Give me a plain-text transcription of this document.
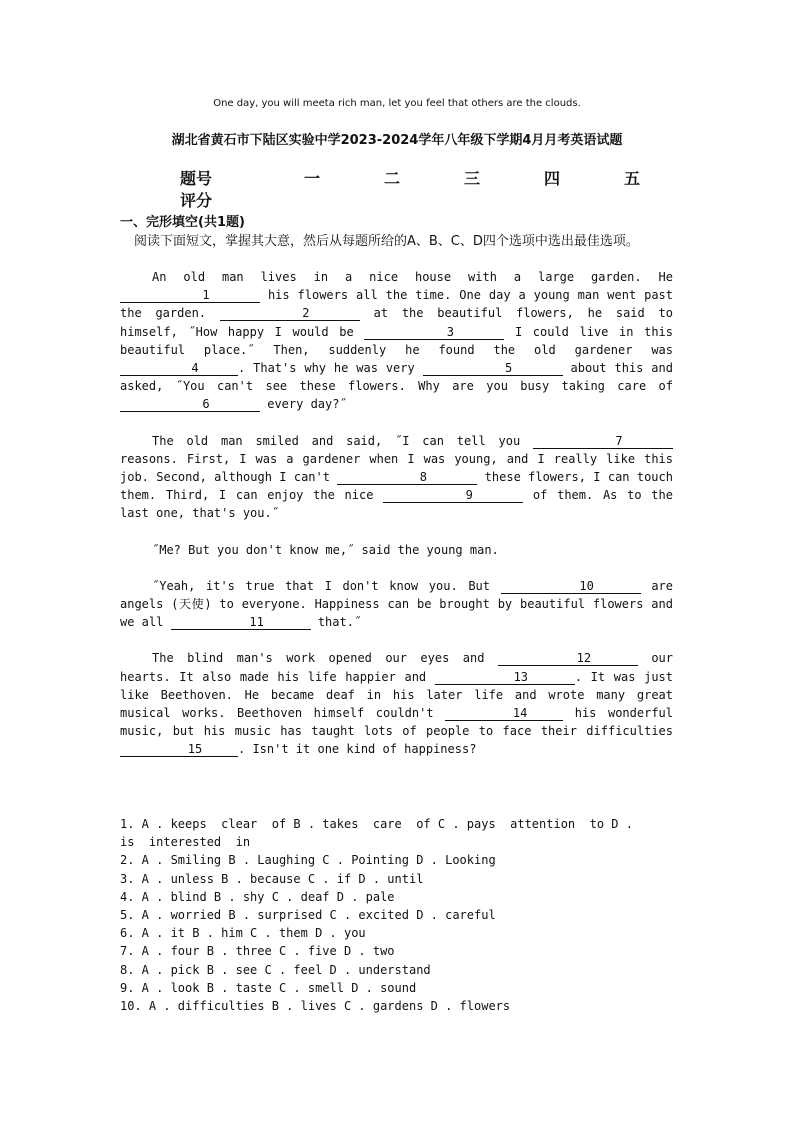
One day, you will meeta rich man, let you feel that others are the clouds.
湖北省黄石市下陆区实验中学2023-2024学年八年级下学期4月月考英语试题
题号	一	二	三	四	五
评分
一、完形填空(共1题)
阅读下面短文，掌握其大意，然后从每题所给的A、B、C、D四个选项中选出最佳选项。

An old man lives in a nice house with a large garden. He 1	his flowers all the time. One day a young man went past the garden.	2	at the beautiful flowers, he said to himself, ˝How happy I would be	3	I could live in this beautiful place.˝ Then, suddenly he found the old gardener was 4	. That's why he was very	5	about this and asked, ˝You can't see these flowers. Why are you busy taking care of 6	every day?˝

The old man smiled and said, ˝I can tell you	7 reasons. First, I was a gardener when I was young, and I really like this job. Second, although I can't	8	these flowers, I can touch them. Third, I can enjoy the nice	9	of them. As to the last one, that's you.˝

˝Me? But you don't know me,˝ said the young man.

˝Yeah, it's true that I don't know you. But	10	are angels (天使) to everyone. Happiness can be brought by beautiful flowers and we all	11	that.˝

The blind man's work opened our eyes and	12	our hearts. It also made his life happier and	13	. It was just like Beethoven. He became deaf in his later life and wrote many great musical works. Beethoven himself couldn't	14	his wonderful music, but his music has taught lots of people to face their difficulties 15	. Isn't it one kind of happiness?

1. A . keeps  clear  of B . takes  care  of C . pays  attention  to D .
is  interested  in
2. A . Smiling B . Laughing C . Pointing D . Looking
3. A . unless B . because C . if D . until
4. A . blind B . shy C . deaf D . pale
5. A . worried B . surprised C . excited D . careful
6. A . it B . him C . them D . you
7. A . four B . three C . five D . two
8. A . pick B . see C . feel D . understand
9. A . look B . taste C . smell D . sound
10. A . difficulties B . lives C . gardens D . flowers
